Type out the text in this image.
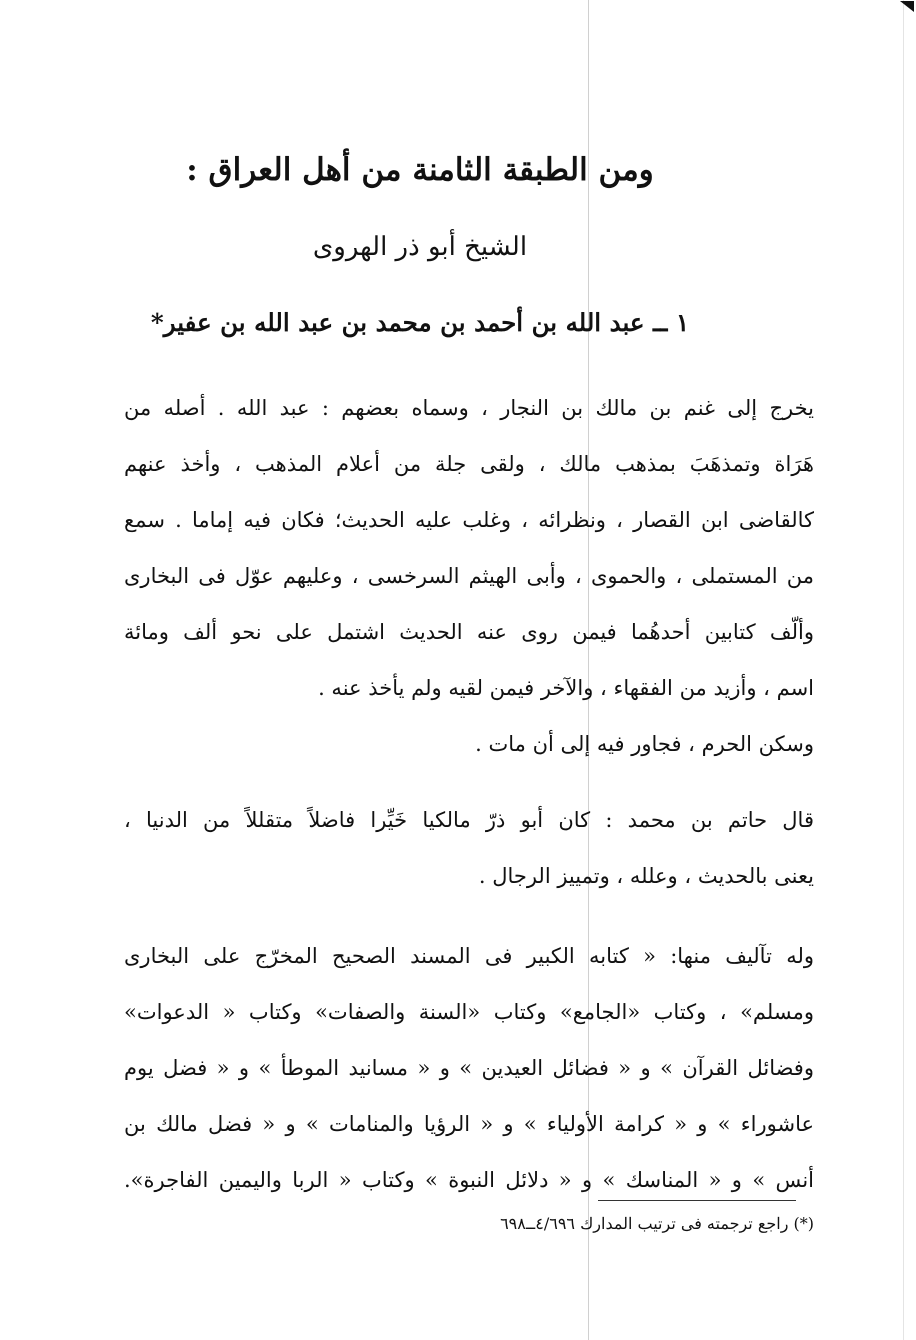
ومن الطبقة الثامنة من أهل العراق :
الشيخ أبو ذر الهروى
١ ــ عبد الله بن أحمد بن محمد بن عبد الله بن عفير*
يخرج إلى غنم بن مالك بن النجار ، وسماه بعضهم : عبد الله . أصله من
هَرَاة وتمذهَبَ بمذهب مالك ، ولقى جلة من أعلام المذهب ، وأخذ عنهم
كالقاضى ابن القصار ، ونظرائه ، وغلب عليه الحديث؛ فكان فيه إماما . سمع
من المستملى ، والحموى ، وأبى الهيثم السرخسى ، وعليهم عوّل فى البخارى
وألّف كتابين أحدهُما فيمن روى عنه الحديث اشتمل على نحو ألف ومائة
اسم ، وأزيد من الفقهاء ، والآخر فيمن لقيه ولم يأخذ عنه .
وسكن الحرم ، فجاور فيه إلى أن مات .
قال حاتم بن محمد : كان أبو ذرّ مالكيا خَيِّرا فاضلاً متقللاً من الدنيا ،
يعنى بالحديث ، وعلله ، وتمييز الرجال .
وله تآليف منها: « كتابه الكبير فى المسند الصحيح المخرّج على البخارى
ومسلم» ، وكتاب «الجامع» وكتاب «السنة والصفات» وكتاب « الدعوات»
وفضائل القرآن » و « فضائل العيدين » و « مسانيد الموطأ » و « فضل يوم
عاشوراء » و « كرامة الأولياء » و « الرؤيا والمنامات » و « فضل مالك بن
أنس » و « المناسك » و « دلائل النبوة » وكتاب « الربا واليمين الفاجرة».
(*) راجع ترجمته فى ترتيب المدارك ٤/٦٩٦ــ٦٩٨
